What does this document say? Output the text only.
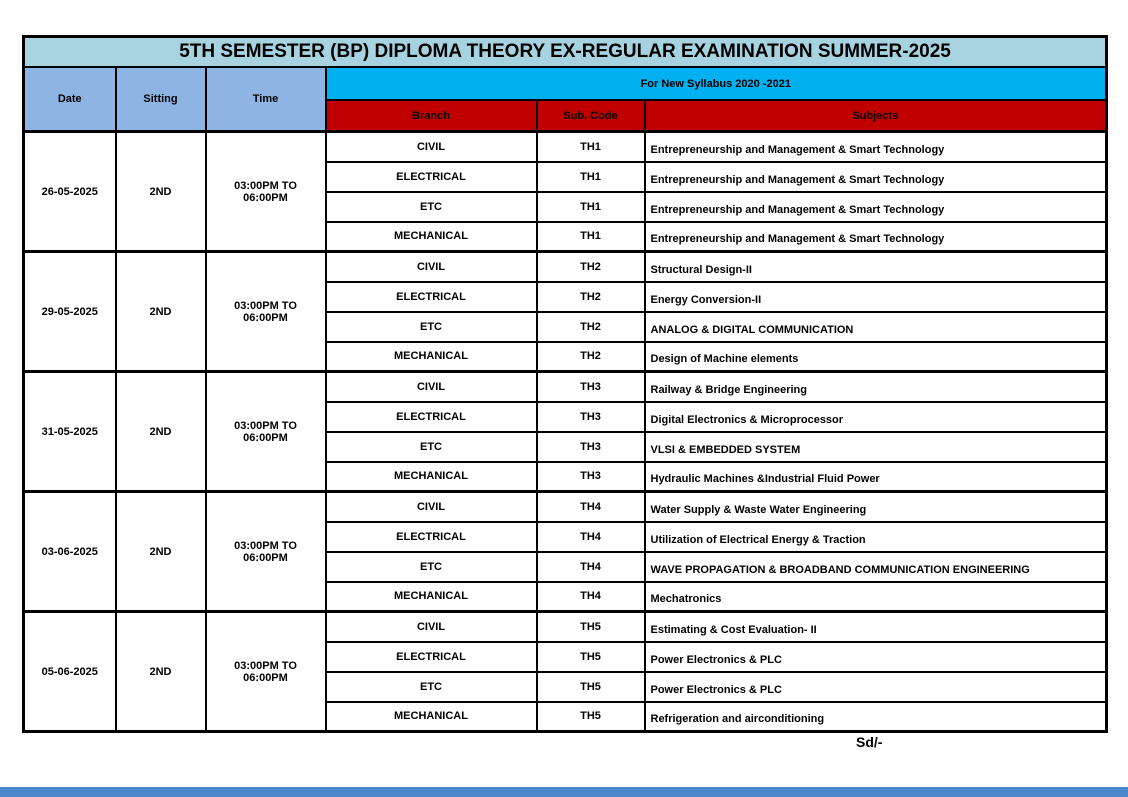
5TH SEMESTER (BP) DIPLOMA THEORY EX-REGULAR EXAMINATION SUMMER-2025					
Date	Sitting	Time	For New Syllabus 2020 -2021		
			Branch	Sub. Code	Subjects
26-05-2025	2ND	03:00PM TO
06:00PM	CIVIL	TH1	Entrepreneurship and Management & Smart Technology
			ELECTRICAL	TH1	Entrepreneurship and Management & Smart Technology
			ETC	TH1	Entrepreneurship and Management & Smart Technology
			MECHANICAL	TH1	Entrepreneurship and Management & Smart Technology
29-05-2025	2ND	03:00PM TO
06:00PM	CIVIL	TH2	Structural Design-II
			ELECTRICAL	TH2	Energy Conversion-II
			ETC	TH2	ANALOG & DIGITAL COMMUNICATION
			MECHANICAL	TH2	Design of Machine elements
31-05-2025	2ND	03:00PM TO
06:00PM	CIVIL	TH3	Railway & Bridge Engineering
			ELECTRICAL	TH3	Digital Electronics & Microprocessor
			ETC	TH3	VLSI & EMBEDDED SYSTEM
			MECHANICAL	TH3	Hydraulic Machines &Industrial Fluid Power
03-06-2025	2ND	03:00PM TO
06:00PM	CIVIL	TH4	Water Supply & Waste Water Engineering
			ELECTRICAL	TH4	Utilization of Electrical Energy & Traction
			ETC	TH4	WAVE PROPAGATION & BROADBAND COMMUNICATION ENGINEERING
			MECHANICAL	TH4	Mechatronics
05-06-2025	2ND	03:00PM TO
06:00PM	CIVIL	TH5	Estimating & Cost Evaluation- II
			ELECTRICAL	TH5	Power Electronics & PLC
			ETC	TH5	Power Electronics & PLC
			MECHANICAL	TH5	Refrigeration and airconditioning
Sd/-
